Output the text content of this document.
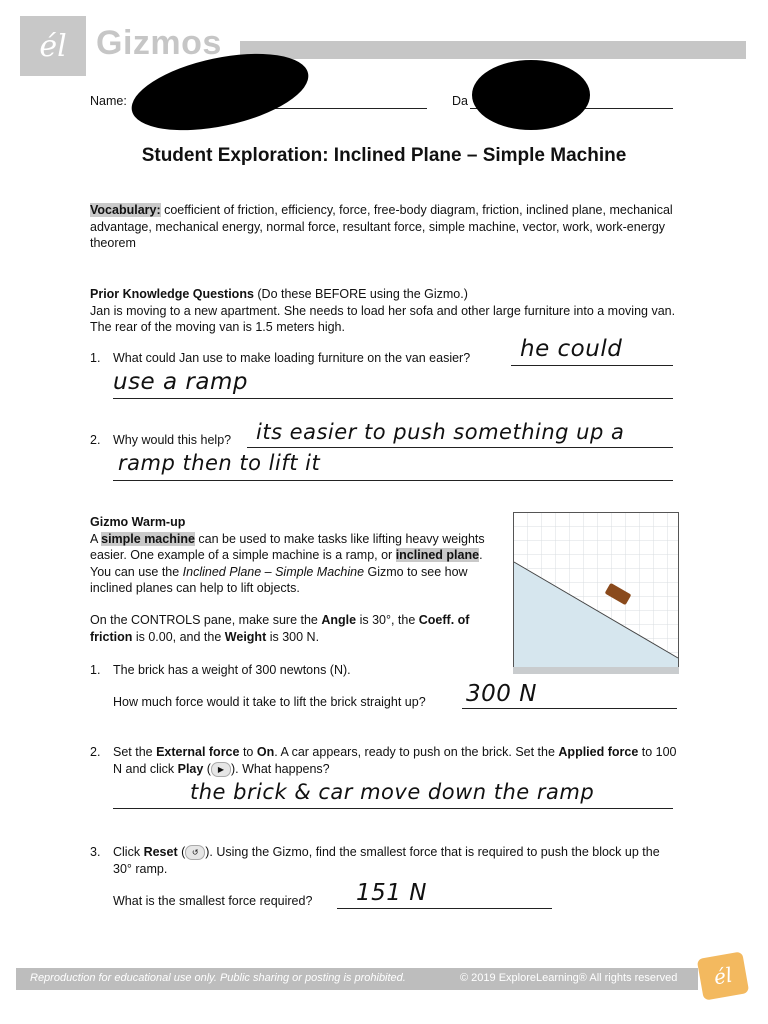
él Gizmos
Name:	Da
Student Exploration: Inclined Plane – Simple Machine
Vocabulary: coefficient of friction, efficiency, force, free-body diagram, friction, inclined plane, mechanical advantage, mechanical energy, normal force, resultant force, simple machine, vector, work, work-energy theorem
Prior Knowledge Questions (Do these BEFORE using the Gizmo.)
Jan is moving to a new apartment. She needs to load her sofa and other large furniture into a moving van. The rear of the moving van is 1.5 meters high.
1. What could Jan use to make loading furniture on the van easier? he could
use a ramp
2. Why would this help? its easier to push something up a
ramp then to lift it
Gizmo Warm-up
A simple machine can be used to make tasks like lifting heavy weights easier. One example of a simple machine is a ramp, or inclined plane. You can use the Inclined Plane – Simple Machine Gizmo to see how inclined planes can help to lift objects.
On the CONTROLS pane, make sure the Angle is 30°, the Coeff. of friction is 0.00, and the Weight is 300 N.
1. The brick has a weight of 300 newtons (N).
How much force would it take to lift the brick straight up? 300 N
2. Set the External force to On. A car appears, ready to push on the brick. Set the Applied force to 100 N and click Play ( ▶ ). What happens?
the brick & car move down the ramp
3. Click Reset ( ↺ ). Using the Gizmo, find the smallest force that is required to push the block up the 30° ramp.
What is the smallest force required? 151 N
Reproduction for educational use only. Public sharing or posting is prohibited.	© 2019 ExploreLearning® All rights reserved	él
